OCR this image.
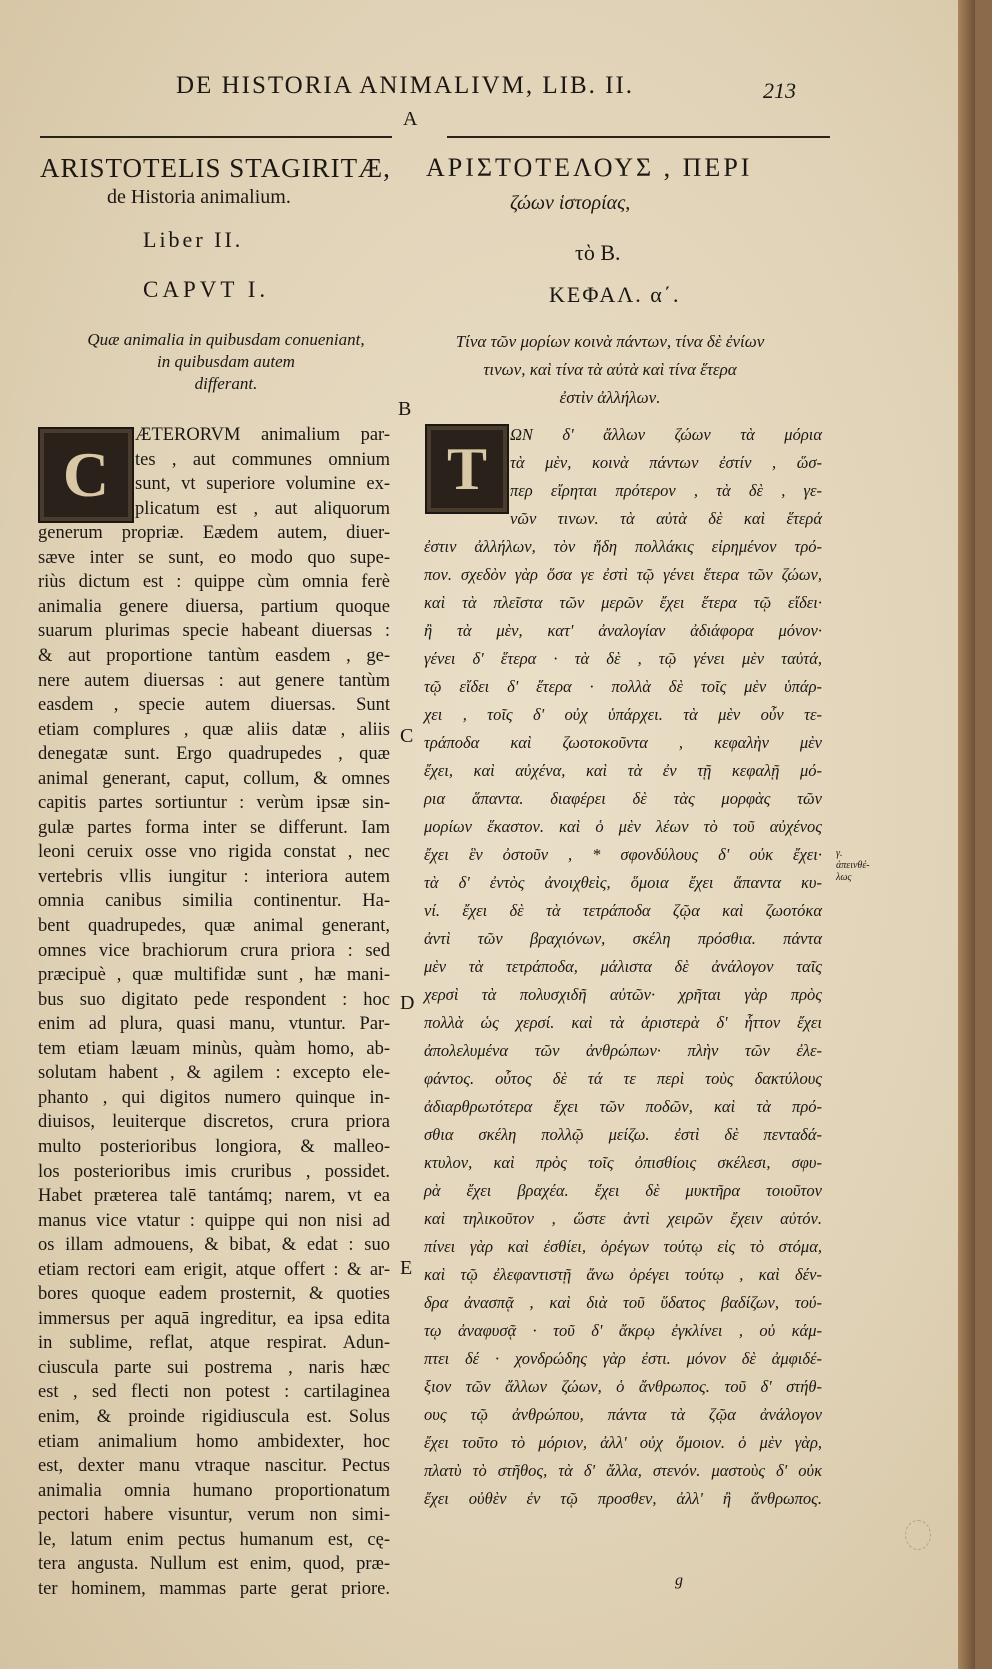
DE HISTORIA ANIMALIVM, LIB. II.	213
A
ARISTOTELIS STAGIRITÆ,
de Historia animalium.
Liber II.
CAPVT I.
Quæ animalia in quibusdam conueniant,
in quibusdam autem
differant.
ΑΡΙΣΤΟΤΕΛΟΥΣ , ΠΕΡΙ
ζώων ἱστορίας,
τὸ Β.
ΚΕΦΑΛ. α΄.
Τίνα τῶν μορίων κοινὰ πάντων, τίνα δὲ ἐνίων
τινων, καὶ τίνα τὰ αὐτὰ καὶ τίνα ἕτερα
ἐστὶν ἀλλήλων.
B
C
D
E
γ. ἀπεινθέ-λως
C	Τ
ÆTERORVM animalium par-
tes , aut communes omnium
sunt, vt superiore volumine ex-
plicatum est , aut aliquorum
generum propriæ. Eædem autem, diuer-
sæve inter se sunt, eo modo quo supe-
riùs dictum est : quippe cùm omnia ferè
animalia genere diuersa, partium quoque
suarum plurimas specie habeant diuersas :
& aut proportione tantùm easdem , ge-
nere autem diuersas : aut genere tantùm
easdem , specie autem diuersas. Sunt
etiam complures , quæ aliis datæ , aliis
denegatæ sunt. Ergo quadrupedes , quæ
animal generant, caput, collum, & omnes
capitis partes sortiuntur : verùm ipsæ sin-
gulæ partes forma inter se differunt. Iam
leoni ceruix osse vno rigida constat , nec
vertebris vllis iungitur : interiora autem
omnia canibus similia continentur. Ha-
bent quadrupedes, quæ animal generant,
omnes vice brachiorum crura priora : sed
præcipuè , quæ multifidæ sunt , hæ mani-
bus suo digitato pede respondent : hoc
enim ad plura, quasi manu, vtuntur. Par-
tem etiam læuam minùs, quàm homo, ab-
solutam habent , & agilem : excepto ele-
phanto , qui digitos numero quinque in-
diuisos, leuiterque discretos, crura priora
multo posterioribus longiora, & malleo-
los posterioribus imis cruribus , possidet.
Habet præterea talē tantámq; narem, vt ea
manus vice vtatur : quippe qui non nisi ad
os illam admouens, & bibat, & edat : suo
etiam rectori eam erigit, atque offert : & ar-
bores quoque eadem prosternit, & quoties
immersus per aquā ingreditur, ea ipsa edita
in sublime, reflat, atque respirat. Adun-
ciuscula parte sui postrema , naris hæc
est , sed flecti non potest : cartilaginea
enim, & proinde rigidiuscula est. Solus
etiam animalium homo ambidexter, hoc
est, dexter manu vtraque nascitur. Pectus
animalia omnia humano proportionatum
pectori habere visuntur, verum non simi-
le, latum enim pectus humanum est, cę-
tera angusta. Nullum est enim, quod, præ-
ter hominem, mammas parte gerat priore.
ΩΝ δ' ἄλλων ζώων τὰ μόρια
τὰ μὲν, κοινὰ πάντων ἐστίν , ὥσ-
περ εἴρηται πρότερον , τὰ δὲ , γε-
νῶν τινων. τὰ αὐτὰ δὲ καὶ ἕτερά
ἐστιν ἀλλήλων, τὸν ἤδη πολλάκις εἰρημένον τρό-
πον. σχεδὸν γὰρ ὅσα γε ἐστὶ τῷ γένει ἕτερα τῶν ζώων,
καὶ τὰ πλεῖστα τῶν μερῶν ἔχει ἕτερα τῷ εἴδει·
ἢ τὰ μὲν, κατ' ἀναλογίαν ἀδιάφορα μόνον·
γένει δ' ἕτερα · τὰ δὲ , τῷ γένει μὲν ταὐτά,
τῷ εἴδει δ' ἕτερα · πολλὰ δὲ τοῖς μὲν ὑπάρ-
χει , τοῖς δ' οὐχ ὑπάρχει. τὰ μὲν οὖν τε-
τράποδα καὶ ζωοτοκοῦντα , κεφαλὴν μὲν
ἔχει, καὶ αὐχένα, καὶ τὰ ἐν τῇ κεφαλῇ μό-
ρια ἅπαντα. διαφέρει δὲ τὰς μορφὰς τῶν
μορίων ἕκαστον. καὶ ὁ μὲν λέων τὸ τοῦ αὐχένος
ἔχει ἓν ὀστοῦν , * σφονδύλους δ' οὐκ ἔχει·
τὰ δ' ἐντὸς ἀνοιχθεὶς, ὅμοια ἔχει ἅπαντα κυ-
νί. ἔχει δὲ τὰ τετράποδα ζῷα καὶ ζωοτόκα
ἀντὶ τῶν βραχιόνων, σκέλη πρόσθια. πάντα
μὲν τὰ τετράποδα, μάλιστα δὲ ἀνάλογον ταῖς
χερσὶ τὰ πολυσχιδῆ αὐτῶν· χρῆται γὰρ πρὸς
πολλὰ ὡς χερσί. καὶ τὰ ἀριστερὰ δ' ἧττον ἔχει
ἀπολελυμένα τῶν ἀνθρώπων· πλὴν τῶν ἐλε-
φάντος. οὗτος δὲ τά τε περὶ τοὺς δακτύλους
ἀδιαρθρωτότερα ἔχει τῶν ποδῶν, καὶ τὰ πρό-
σθια σκέλη πολλῷ μείζω. ἐστὶ δὲ πενταδά-
κτυλον, καὶ πρὸς τοῖς ὀπισθίοις σκέλεσι, σφυ-
ρὰ ἔχει βραχέα. ἔχει δὲ μυκτῆρα τοιοῦτον
καὶ τηλικοῦτον , ὥστε ἀντὶ χειρῶν ἔχειν αὐτόν.
πίνει γὰρ καὶ ἐσθίει, ὀρέγων τούτῳ εἰς τὸ στόμα,
καὶ τῷ ἐλεφαντιστῇ ἄνω ὀρέγει τούτῳ , καὶ δέν-
δρα ἀνασπᾷ , καὶ διὰ τοῦ ὕδατος βαδίζων, τού-
τῳ ἀναφυσᾷ · τοῦ δ' ἄκρῳ ἐγκλίνει , οὐ κάμ-
πτει δέ · χονδρώδης γὰρ ἐστι. μόνον δὲ ἀμφιδέ-
ξιον τῶν ἄλλων ζώων, ὁ ἄνθρωπος. τοῦ δ' στήθ-
ους τῷ ἀνθρώπου, πάντα τὰ ζῷα ἀνάλογον
ἔχει τοῦτο τὸ μόριον, ἀλλ' οὐχ ὅμοιον. ὁ μὲν γὰρ,
πλατὺ τὸ στῆθος, τὰ δ' ἄλλα, στενόν. μαστοὺς δ' οὐκ
ἔχει οὐθὲν ἐν τῷ προσθεν, ἀλλ' ἢ ἄνθρωπος.
g
